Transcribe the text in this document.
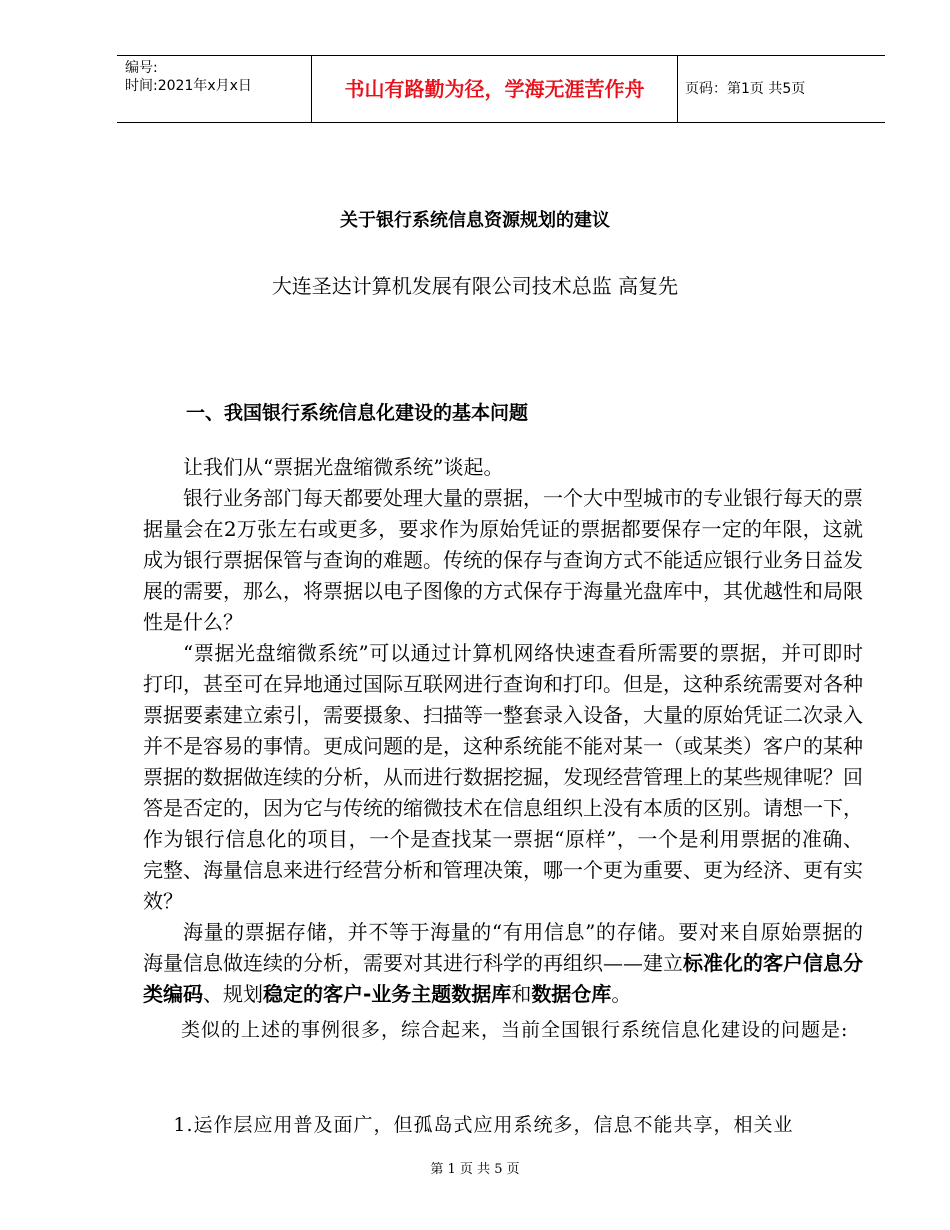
编号:
时间:2021年x月x日	书山有路勤为径，学海无涯苦作舟	页码：第1页 共5页
关于银行系统信息资源规划的建议
大连圣达计算机发展有限公司技术总监 高复先
一、我国银行系统信息化建设的基本问题

让我们从“票据光盘缩微系统”谈起。

银行业务部门每天都要处理大量的票据，一个大中型城市的专业银行每天的票据量会在2万张左右或更多，要求作为原始凭证的票据都要保存一定的年限，这就成为银行票据保管与查询的难题。传统的保存与查询方式不能适应银行业务日益发展的需要，那么，将票据以电子图像的方式保存于海量光盘库中，其优越性和局限性是什么？

“票据光盘缩微系统”可以通过计算机网络快速查看所需要的票据，并可即时打印，甚至可在异地通过国际互联网进行查询和打印。但是，这种系统需要对各种票据要素建立索引，需要摄象、扫描等一整套录入设备，大量的原始凭证二次录入并不是容易的事情。更成问题的是，这种系统能不能对某一（或某类）客户的某种票据的数据做连续的分析，从而进行数据挖掘，发现经营管理上的某些规律呢？回答是否定的，因为它与传统的缩微技术在信息组织上没有本质的区别。请想一下，作为银行信息化的项目，一个是查找某一票据“原样”，一个是利用票据的准确、完整、海量信息来进行经营分析和管理决策，哪一个更为重要、更为经济、更有实效？

海量的票据存储，并不等于海量的“有用信息”的存储。要对来自原始票据的海量信息做连续的分析，需要对其进行科学的再组织——建立标准化的客户信息分类编码、规划稳定的客户-业务主题数据库和数据仓库。

类似的上述的事例很多，综合起来，当前全国银行系统信息化建设的问题是:

1.运作层应用普及面广，但孤岛式应用系统多，信息不能共享，相关业

第 1 页 共 5 页
